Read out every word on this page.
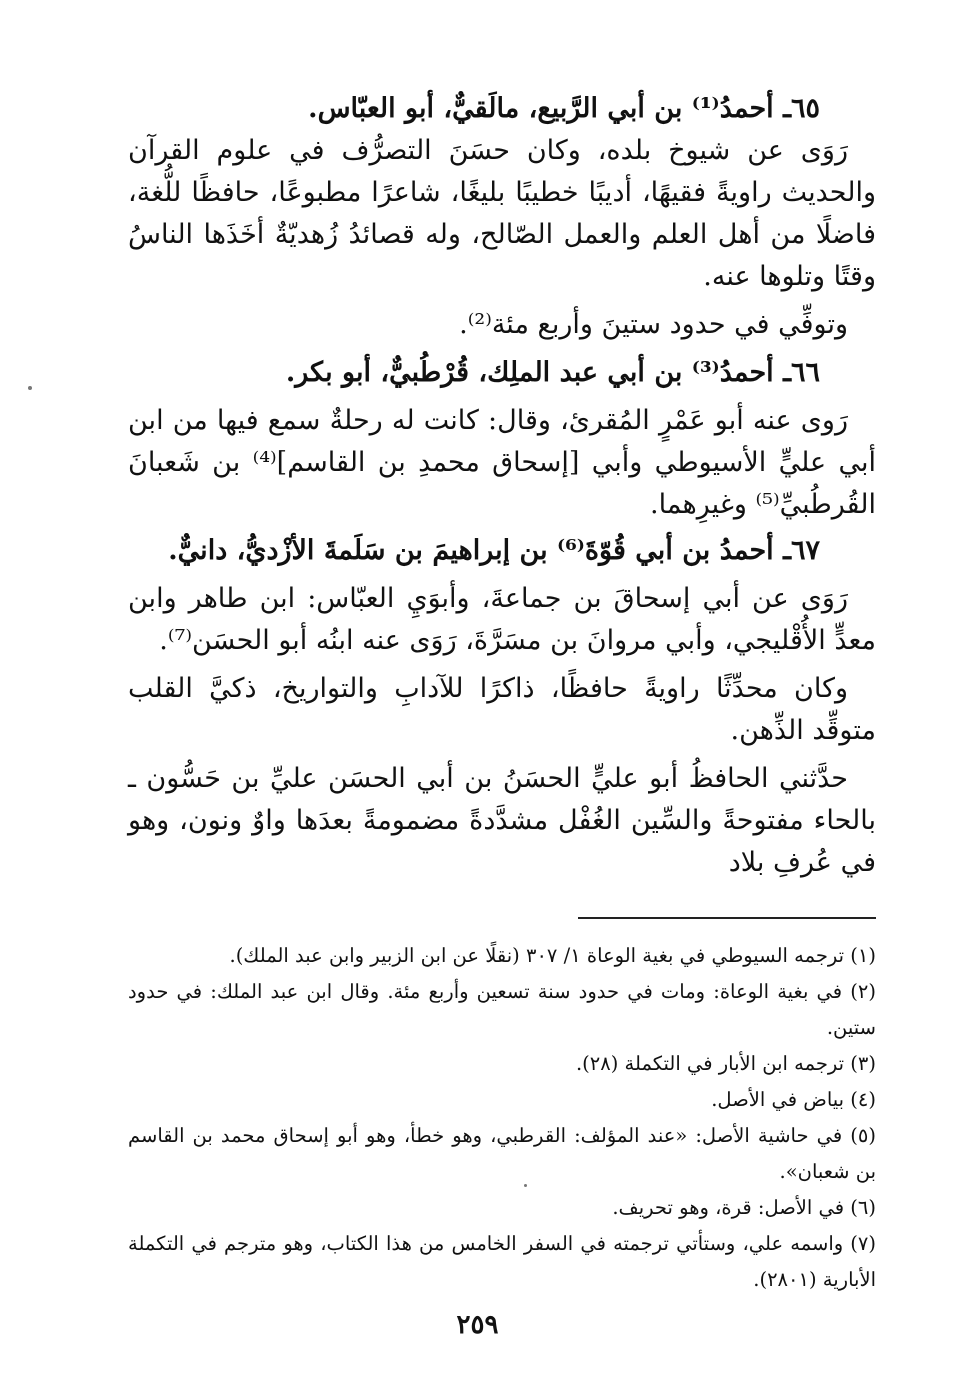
٦٥ـ أحمدُ⁽¹⁾ بن أبي الرَّبيع، مالَقيٌّ، أبو العبّاس.

رَوَى عن شيوخ بلده، وكان حسَنَ التصرُّف في علوم القرآن والحديث راويةً فقيهًا، أديبًا خطيبًا بليغًا، شاعرًا مطبوعًا، حافظًا للُّغة، فاضلًا من أهل العلم والعمل الصّالح، وله قصائدُ زُهديّةٌ أخَذَها الناسُ وقتًا وتلوها عنه.

وتوفِّي في حدود ستينَ وأربع مئة⁽²⁾.

٦٦ـ أحمدُ⁽³⁾ بن أبي عبد الملِك، قُرْطُبيٌّ، أبو بكر.

رَوى عنه أبو عَمْرٍ المُقرئ، وقال: كانت له رحلةٌ سمع فيها من ابن أبي عليٍّ الأسيوطي وأبي [إسحاق محمدِ بن القاسم]⁽⁴⁾ بن شَعبانَ القُرطُبيِّ⁽⁵⁾ وغيرِهما.

٦٧ـ أحمدُ بن أبي قُوّةَ⁽⁶⁾ بن إبراهيمَ بن سَلَمةَ الأزْديُّ، دانيٌّ.

رَوَى عن أبي إسحاقَ بن جماعةَ، وأبوَيِ العبّاس: ابن طاهر وابن معدٍّ الأُقْليجي، وأبي مروانَ بن مسَرَّةَ، رَوَى عنه ابنُه أبو الحسَن⁽⁷⁾.

وكان محدِّثًا راويةً حافظًا، ذاكرًا للآدابِ والتواريخ، ذكيَّ القلب متوقِّد الذِّهن.

حدَّثني الحافظُ أبو عليٍّ الحسَنُ بن أبي الحسَن عليِّ بن حَسُّون ـ بالحاء مفتوحةً والسِّين الغُفْل مشدَّدةً مضمومةً بعدَها واوٌ ونون، وهو في عُرفِ بلاد

(١) ترجمه السيوطي في بغية الوعاة ١/ ٣٠٧ (نقلًا عن ابن الزبير وابن عبد الملك).

(٢) في بغية الوعاة: ومات في حدود سنة تسعين وأربع مئة. وقال ابن عبد الملك: في حدود ستين.

(٣) ترجمه ابن الأبار في التكملة (٢٨).

(٤) بياض في الأصل.

(٥) في حاشية الأصل: «عند المؤلف: القرطبي، وهو خطأ، وهو أبو إسحاق محمد بن القاسم بن شعبان».

(٦) في الأصل: قرة، وهو تحريف.

(٧) واسمه علي، وستأتي ترجمته في السفر الخامس من هذا الكتاب، وهو مترجم في التكملة الأبارية (٢٨٠١).

٢٥٩
